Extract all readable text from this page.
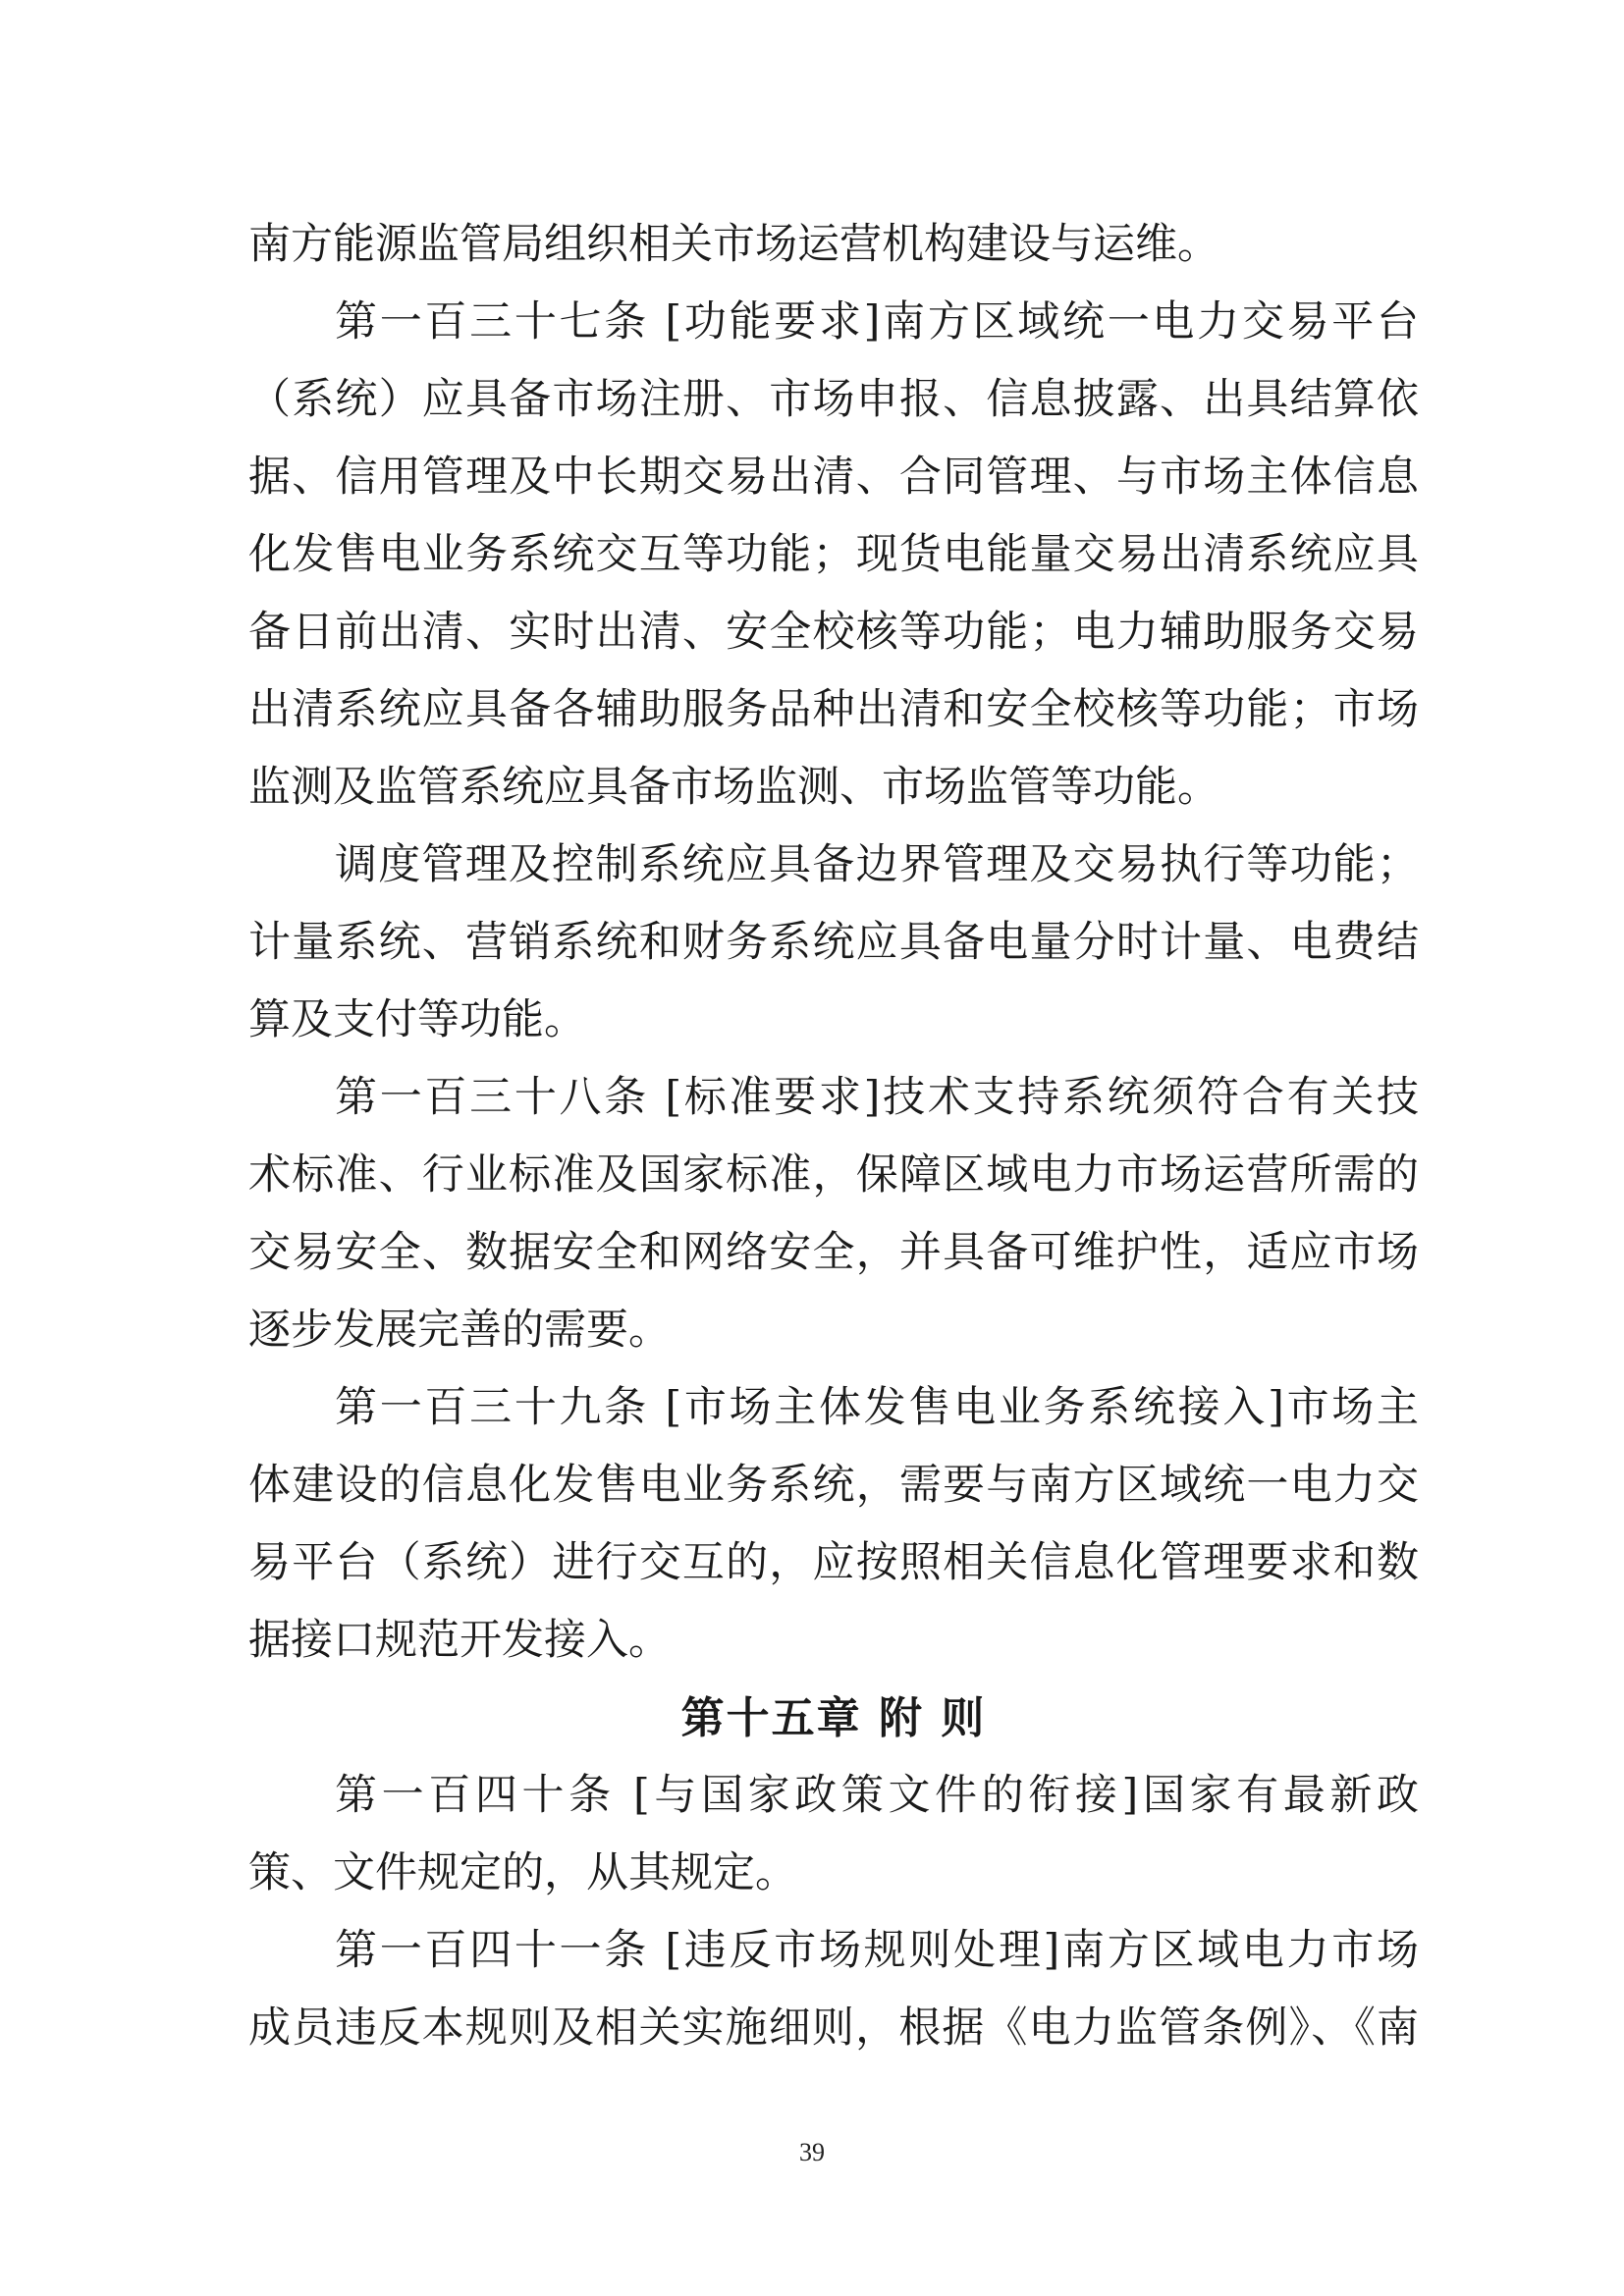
南方能源监管局组织相关市场运营机构建设与运维。
第一百三十七条 [功能要求]南方区域统一电力交易平台
（系统）应具备市场注册、市场申报、信息披露、出具结算依
据、信用管理及中长期交易出清、合同管理、与市场主体信息
化发售电业务系统交互等功能；现货电能量交易出清系统应具
备日前出清、实时出清、安全校核等功能；电力辅助服务交易
出清系统应具备各辅助服务品种出清和安全校核等功能；市场
监测及监管系统应具备市场监测、市场监管等功能。
调度管理及控制系统应具备边界管理及交易执行等功能；
计量系统、营销系统和财务系统应具备电量分时计量、电费结
算及支付等功能。
第一百三十八条 [标准要求]技术支持系统须符合有关技
术标准、行业标准及国家标准，保障区域电力市场运营所需的
交易安全、数据安全和网络安全，并具备可维护性，适应市场
逐步发展完善的需要。
第一百三十九条 [市场主体发售电业务系统接入]市场主
体建设的信息化发售电业务系统，需要与南方区域统一电力交
易平台（系统）进行交互的，应按照相关信息化管理要求和数
据接口规范开发接入。
第十五章 附 则
第一百四十条 [与国家政策文件的衔接]国家有最新政
策、文件规定的，从其规定。
第一百四十一条 [违反市场规则处理]南方区域电力市场
成员违反本规则及相关实施细则，根据《电力监管条例》、《南
39
